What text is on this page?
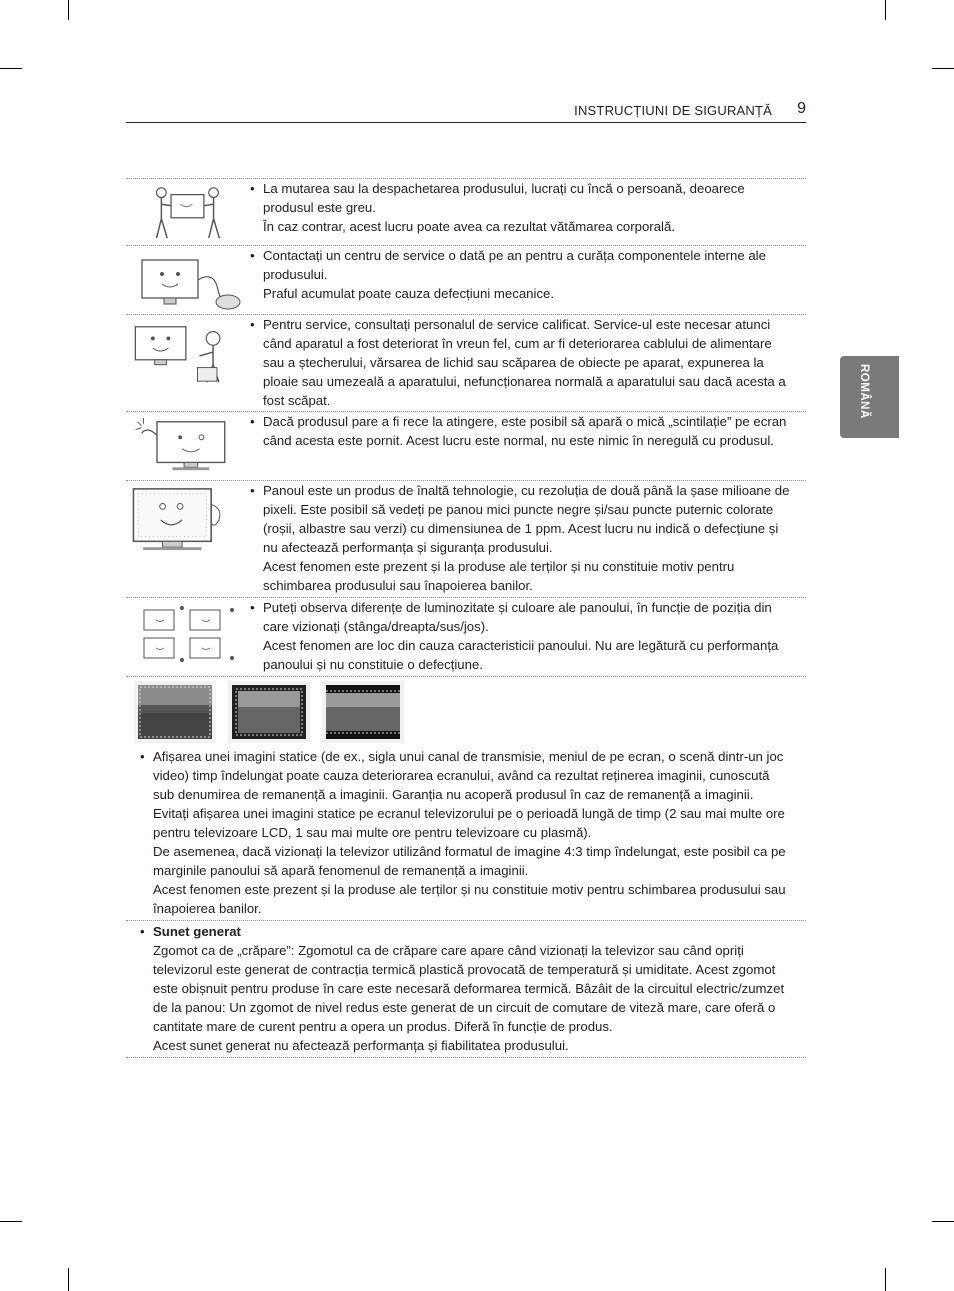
INSTRUCȚIUNI DE SIGURANȚĂ 9
ROMÂNĂ
• La mutarea sau la despachetarea produsului, lucrați cu încă o persoană, deoarece produsul este greu.
În caz contrar, acest lucru poate avea ca rezultat vătămarea corporală.
• Contactați un centru de service o dată pe an pentru a curăța componentele interne ale produsului.
Praful acumulat poate cauza defecțiuni mecanice.
• Pentru service, consultați personalul de service calificat. Service-ul este necesar atunci când aparatul a fost deteriorat în vreun fel, cum ar fi deteriorarea cablului de alimentare sau a ștecherului, vărsarea de lichid sau scăparea de obiecte pe aparat, expunerea la ploaie sau umezeală a aparatului, nefuncționarea normală a aparatului sau dacă acesta a fost scăpat.
• Dacă produsul pare a fi rece la atingere, este posibil să apară o mică „scintilație” pe ecran când acesta este pornit. Acest lucru este normal, nu este nimic în neregulă cu produsul.
• Panoul este un produs de înaltă tehnologie, cu rezoluția de două până la șase milioane de pixeli. Este posibil să vedeți pe panou mici puncte negre și/sau puncte puternic colorate (roșii, albastre sau verzi) cu dimensiunea de 1 ppm. Acest lucru nu indică o defecțiune și nu afectează performanța și siguranța produsului.
Acest fenomen este prezent și la produse ale terților și nu constituie motiv pentru schimbarea produsului sau înapoierea banilor.
• Puteți observa diferențe de luminozitate și culoare ale panoului, în funcție de poziția din care vizionați (stânga/dreapta/sus/jos).
Acest fenomen are loc din cauza caracteristicii panoului. Nu are legătură cu performanța panoului și nu constituie o defecțiune.
• Afișarea unei imagini statice (de ex., sigla unui canal de transmisie, meniul de pe ecran, o scenă dintr-un joc video) timp îndelungat poate cauza deteriorarea ecranului, având ca rezultat reținerea imaginii, cunoscută sub denumirea de remanență a imaginii. Garanția nu acoperă produsul în caz de remanență a imaginii.
Evitați afișarea unei imagini statice pe ecranul televizorului pe o perioadă lungă de timp (2 sau mai multe ore pentru televizoare LCD, 1 sau mai multe ore pentru televizoare cu plasmă).
De asemenea, dacă vizionați la televizor utilizând formatul de imagine 4:3 timp îndelungat, este posibil ca pe marginile panoului să apară fenomenul de remanență a imaginii.
Acest fenomen este prezent și la produse ale terților și nu constituie motiv pentru schimbarea produsului sau înapoierea banilor.
• Sunet generat
Zgomot ca de „crăpare”: Zgomotul ca de crăpare care apare când vizionați la televizor sau când opriți televizorul este generat de contracția termică plastică provocată de temperatură și umiditate. Acest zgomot este obișnuit pentru produse în care este necesară deformarea termică. Bâzâit de la circuitul electric/zumzet de la panou: Un zgomot de nivel redus este generat de un circuit de comutare de viteză mare, care oferă o cantitate mare de curent pentru a opera un produs. Diferă în funcție de produs.
Acest sunet generat nu afectează performanța și fiabilitatea produsului.
